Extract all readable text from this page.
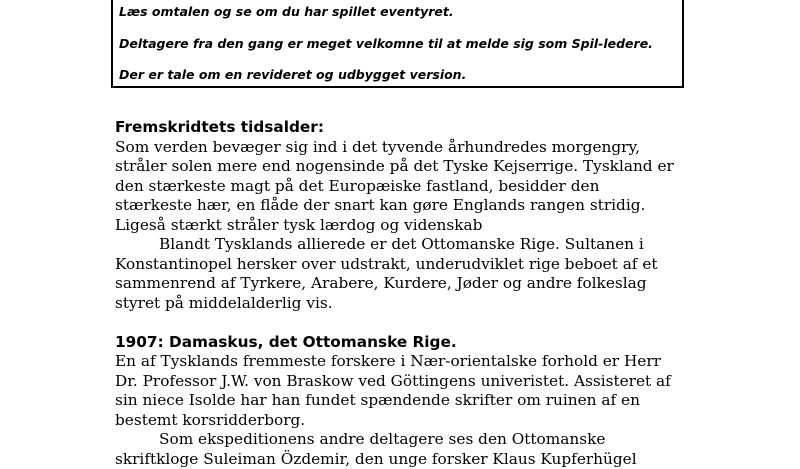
Læs omtalen og se om du har spillet eventyret.

Deltagere fra den gang er meget velkomne til at melde sig som Spil-ledere.

Der er tale om en revideret og udbygget version.

Fremskridtets tidsalder:
Som verden bevæger sig ind i det tyvende århundredes morgengry,
stråler solen mere end nogensinde på det Tyske Kejserrige. Tyskland er
den stærkeste magt på det Europæiske fastland, besidder den
stærkeste hær, en flåde der snart kan gøre Englands rangen stridig.
Ligeså stærkt stråler tysk lærdog og videnskab
Blandt Tysklands allierede er det Ottomanske Rige. Sultanen i
Konstantinopel hersker over udstrakt, underudviklet rige beboet af et
sammenrend af Tyrkere, Arabere, Kurdere, Jøder og andre folkeslag
styret på middelalderlig vis.
1907: Damaskus, det Ottomanske Rige.
En af Tysklands fremmeste forskere i Nær-orientalske forhold er Herr
Dr. Professor J.W. von Braskow ved Göttingens univeristet. Assisteret af
sin niece Isolde har han fundet spændende skrifter om ruinen af en
bestemt korsridderborg.
Som ekspeditionens andre deltagere ses den Ottomanske
skriftkloge Suleiman Özdemir, den unge forsker Klaus Kupferhügel
